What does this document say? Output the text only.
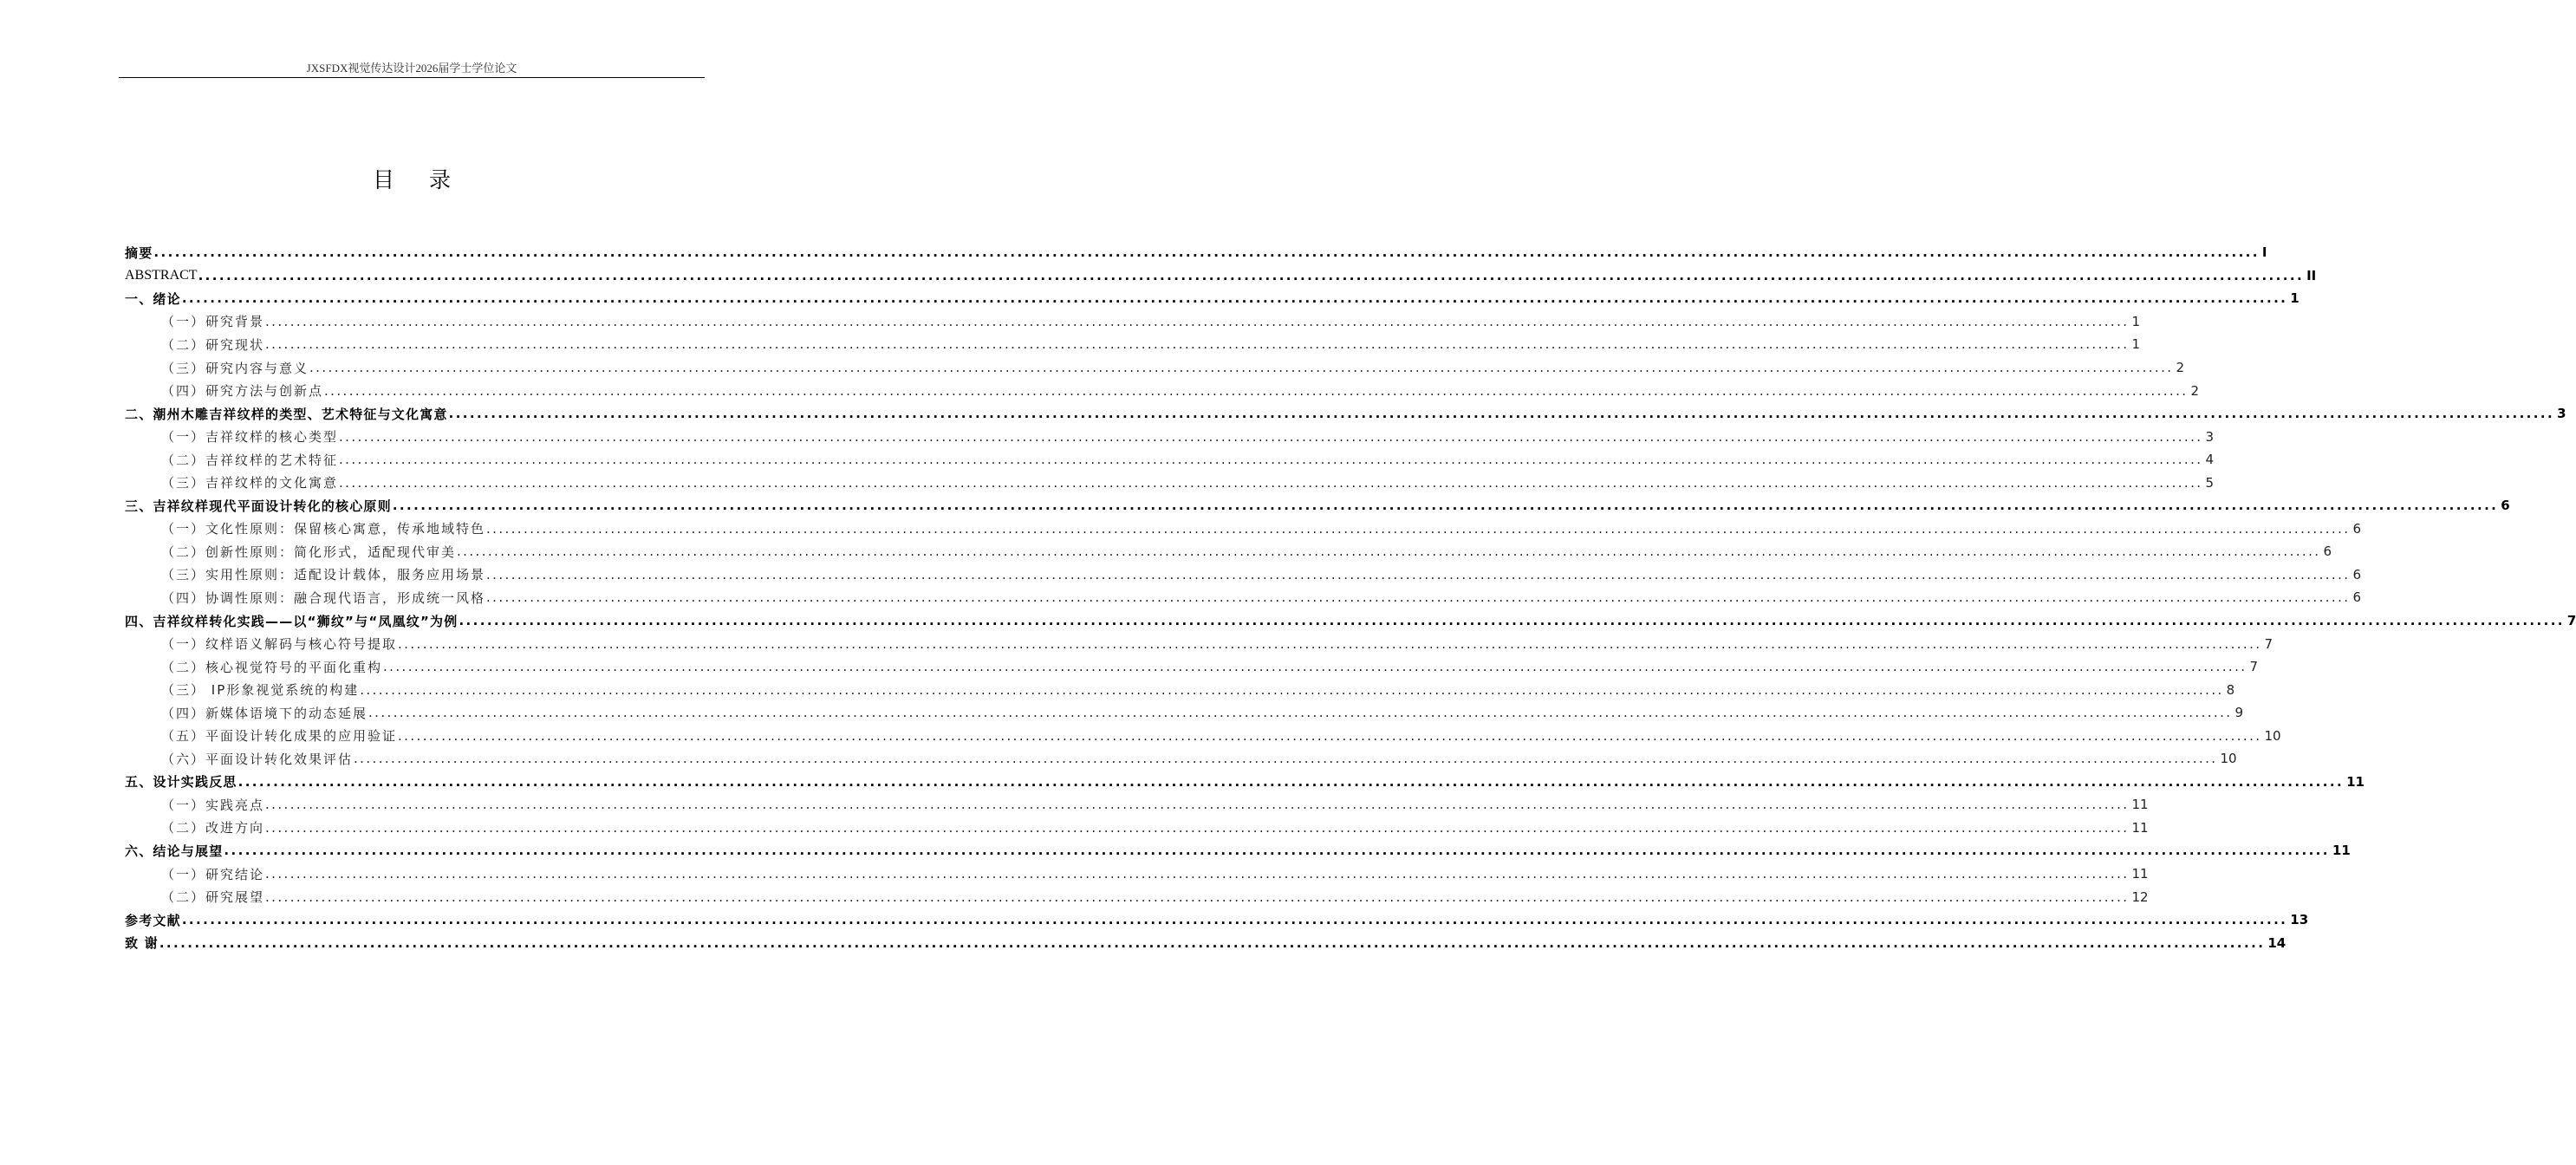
JXSFDX视觉传达设计2026届学士学位论文
目 录
摘要 ............................................................................................................................................................................................................................................................................................................ I
ABSTRACT ............................................................................................................................................................................................................................................................................................................ II
一、绪论 ............................................................................................................................................................................................................................................................................................................ 1
（一）研究背景 ............................................................................................................................................................................................................................................................................................................ 1
（二）研究现状 ............................................................................................................................................................................................................................................................................................................ 1
（三）研究内容与意义 ............................................................................................................................................................................................................................................................................................................ 2
（四）研究方法与创新点 ............................................................................................................................................................................................................................................................................................................ 2
二、潮州木雕吉祥纹样的类型、艺术特征与文化寓意 ............................................................................................................................................................................................................................................................................................................ 3
（一）吉祥纹样的核心类型 ............................................................................................................................................................................................................................................................................................................ 3
（二）吉祥纹样的艺术特征 ............................................................................................................................................................................................................................................................................................................ 4
（三）吉祥纹样的文化寓意 ............................................................................................................................................................................................................................................................................................................ 5
三、吉祥纹样现代平面设计转化的核心原则 ............................................................................................................................................................................................................................................................................................................ 6
（一）文化性原则：保留核心寓意，传承地域特色 ............................................................................................................................................................................................................................................................................................................ 6
（二）创新性原则：简化形式，适配现代审美 ............................................................................................................................................................................................................................................................................................................ 6
（三）实用性原则：适配设计载体，服务应用场景 ............................................................................................................................................................................................................................................................................................................ 6
（四）协调性原则：融合现代语言，形成统一风格 ............................................................................................................................................................................................................................................................................................................ 6
四、吉祥纹样转化实践——以“狮纹”与“凤凰纹”为例 ............................................................................................................................................................................................................................................................................................................ 7
（一）纹样语义解码与核心符号提取 ............................................................................................................................................................................................................................................................................................................ 7
（二）核心视觉符号的平面化重构 ............................................................................................................................................................................................................................................................................................................ 7
（三） IP形象视觉系统的构建 ............................................................................................................................................................................................................................................................................................................ 8
（四）新媒体语境下的动态延展 ............................................................................................................................................................................................................................................................................................................ 9
（五）平面设计转化成果的应用验证 ............................................................................................................................................................................................................................................................................................................ 10
（六）平面设计转化效果评估 ............................................................................................................................................................................................................................................................................................................ 10
五、设计实践反思 ............................................................................................................................................................................................................................................................................................................ 11
（一）实践亮点 ............................................................................................................................................................................................................................................................................................................ 11
（二）改进方向 ............................................................................................................................................................................................................................................................................................................ 11
六、结论与展望 ............................................................................................................................................................................................................................................................................................................ 11
（一）研究结论 ............................................................................................................................................................................................................................................................................................................ 11
（二）研究展望 ............................................................................................................................................................................................................................................................................................................ 12
参考文献 ............................................................................................................................................................................................................................................................................................................ 13
致 谢 ............................................................................................................................................................................................................................................................................................................ 14
